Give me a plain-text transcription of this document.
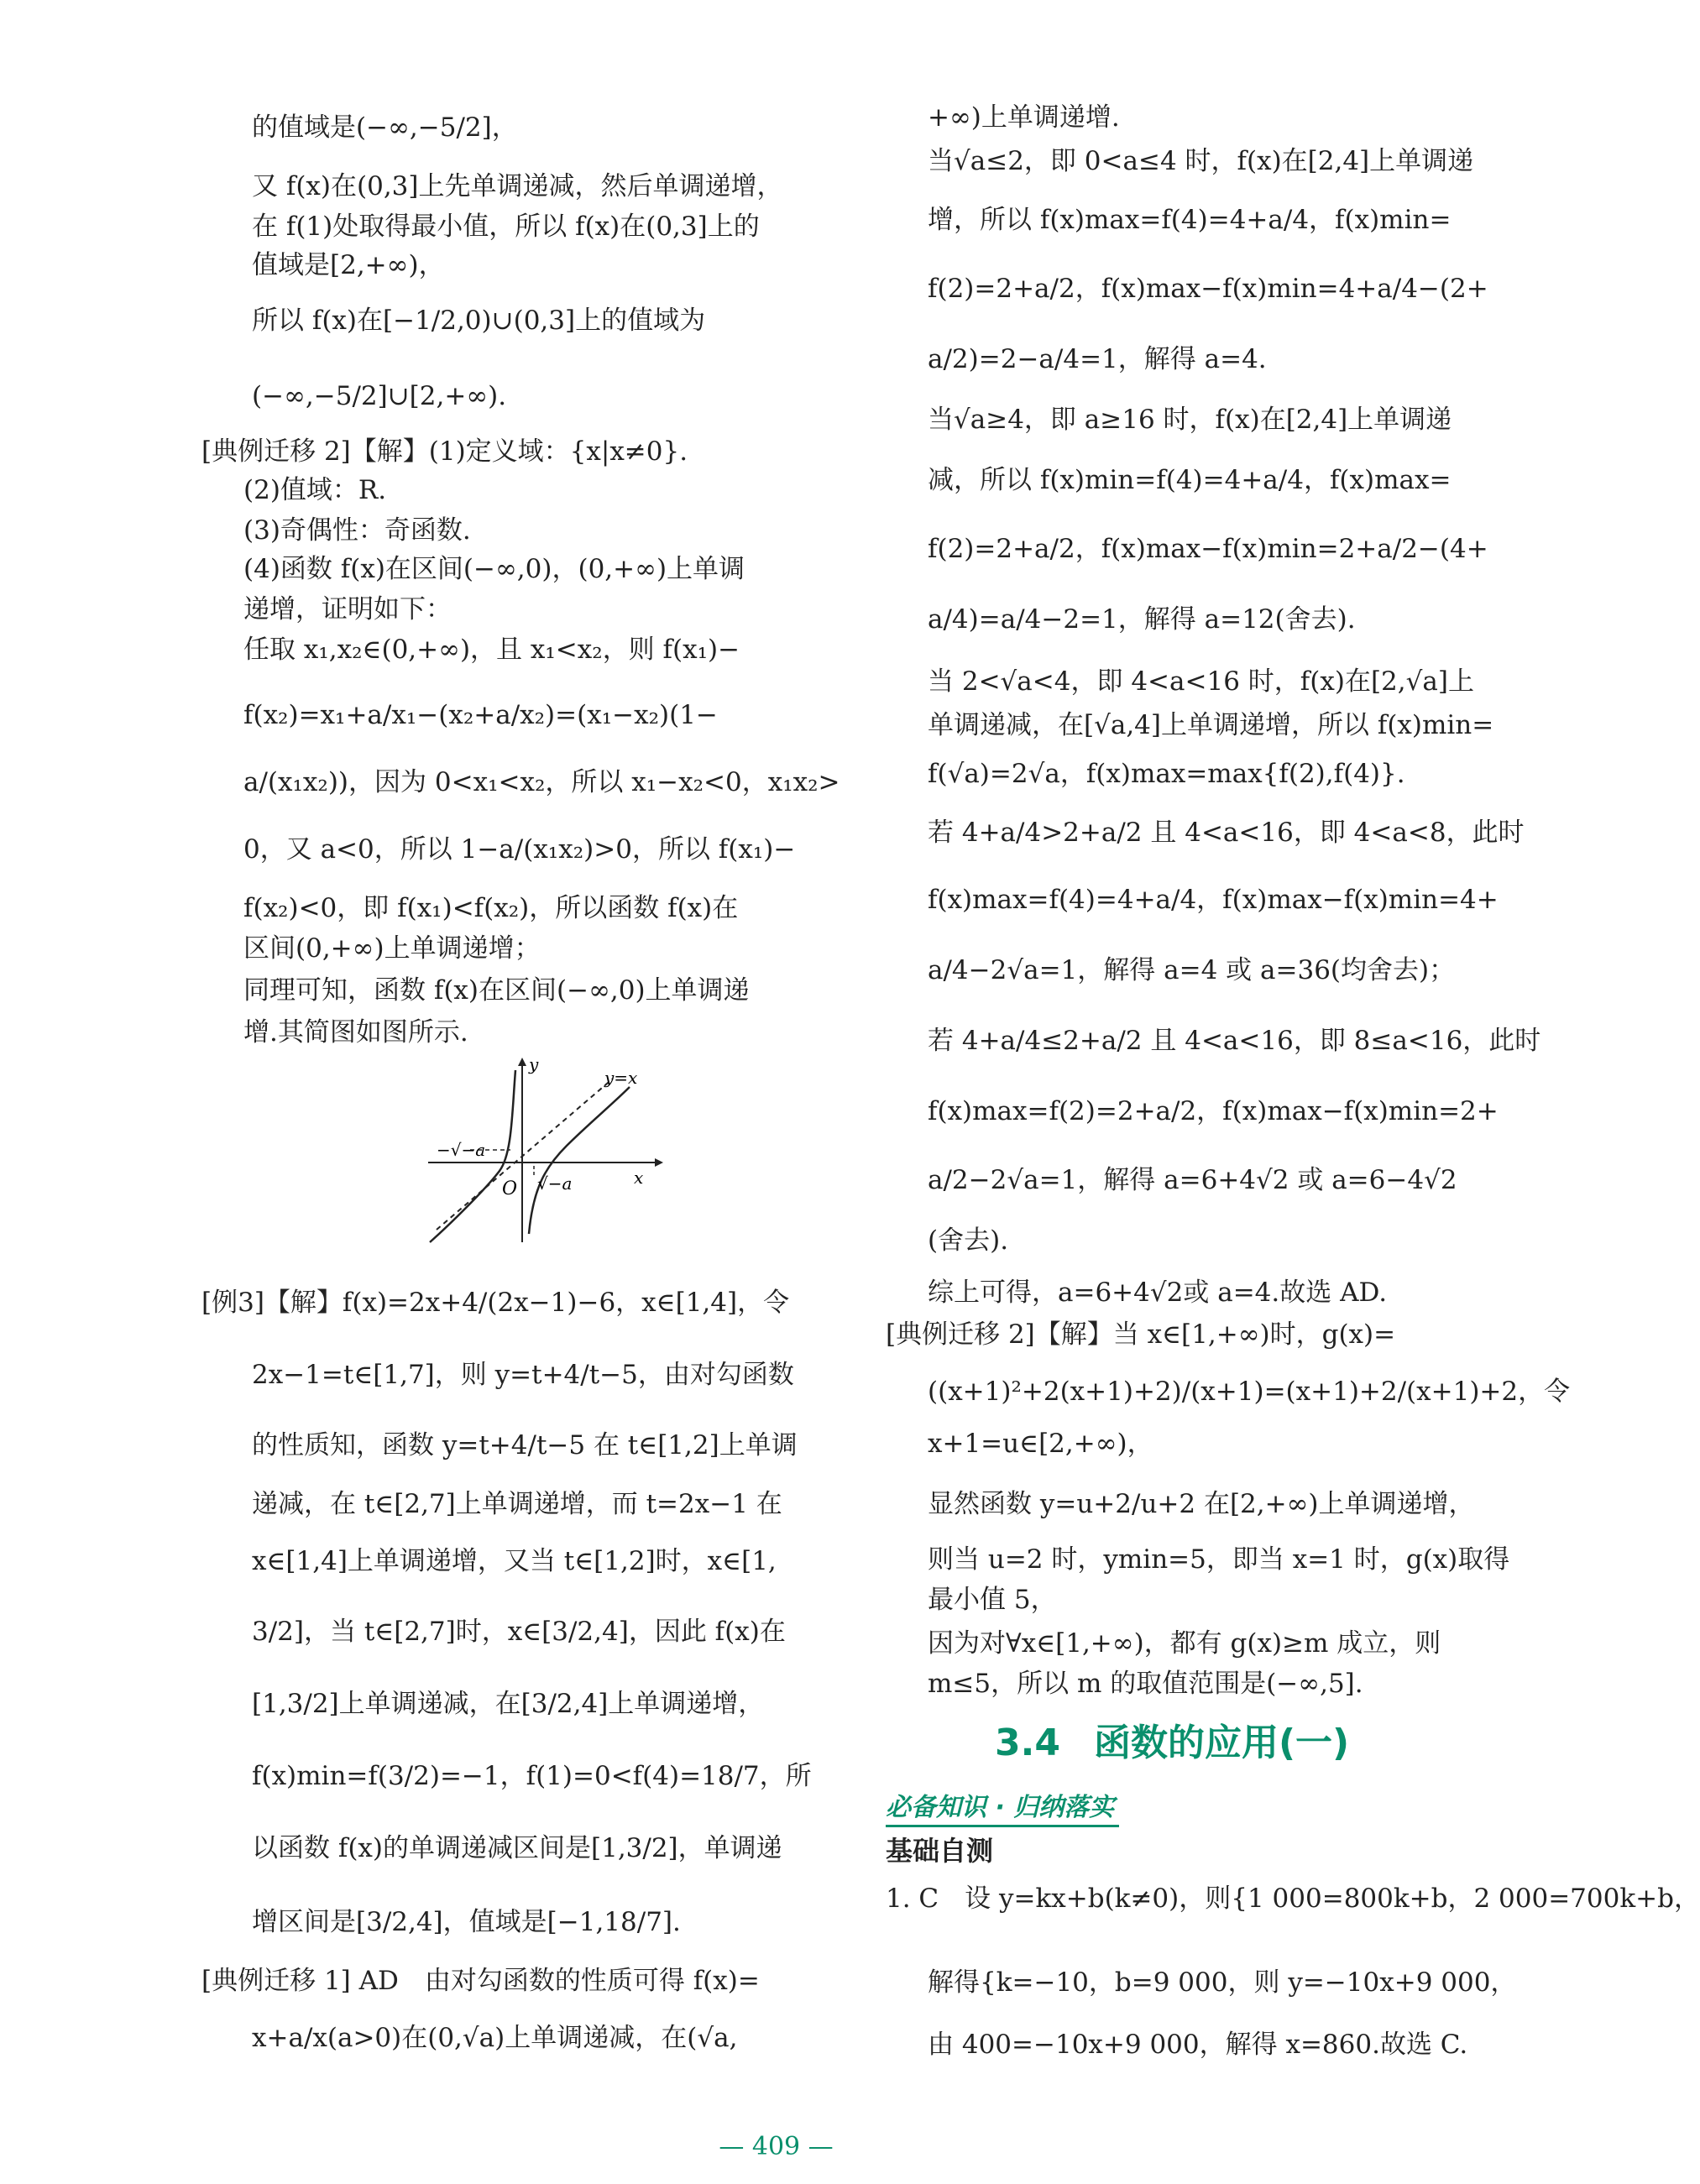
的值域是(−∞,−5/2]，
又 f(x)在(0,3]上先单调递减，然后单调递增，
在 f(1)处取得最小值，所以 f(x)在(0,3]上的
值域是[2,+∞)，
所以 f(x)在[−1/2,0)∪(0,3]上的值域为
(−∞,−5/2]∪[2,+∞).
[典例迁移 2]【解】(1)定义域：{x|x≠0}.
(2)值域：R.
(3)奇偶性：奇函数.
(4)函数 f(x)在区间(−∞,0)，(0,+∞)上单调
递增，证明如下：
任取 x₁,x₂∈(0,+∞)，且 x₁<x₂，则 f(x₁)−
f(x₂)=x₁+a/x₁−(x₂+a/x₂)=(x₁−x₂)(1−
a/(x₁x₂))，因为 0<x₁<x₂，所以 x₁−x₂<0，x₁x₂>
0，又 a<0，所以 1−a/(x₁x₂)>0，所以 f(x₁)−
f(x₂)<0，即 f(x₁)<f(x₂)，所以函数 f(x)在
区间(0,+∞)上单调递增；
同理可知，函数 f(x)在区间(−∞,0)上单调递
增.其简图如图所示.
[例3]【解】f(x)=2x+4/(2x−1)−6，x∈[1,4]，令
2x−1=t∈[1,7]，则 y=t+4/t−5，由对勾函数
的性质知，函数 y=t+4/t−5 在 t∈[1,2]上单调
递减，在 t∈[2,7]上单调递增，而 t=2x−1 在
x∈[1,4]上单调递增，又当 t∈[1,2]时，x∈[1,
3/2]，当 t∈[2,7]时，x∈[3/2,4]，因此 f(x)在
[1,3/2]上单调递减，在[3/2,4]上单调递增，
f(x)min=f(3/2)=−1，f(1)=0<f(4)=18/7，所
以函数 f(x)的单调递减区间是[1,3/2]，单调递
增区间是[3/2,4]，值域是[−1,18/7].
[典例迁移 1] AD　由对勾函数的性质可得 f(x)=
x+a/x(a>0)在(0,√a)上单调递减，在(√a,
+∞)上单调递增.
当√a≤2，即 0<a≤4 时，f(x)在[2,4]上单调递
增，所以 f(x)max=f(4)=4+a/4，f(x)min=
f(2)=2+a/2，f(x)max−f(x)min=4+a/4−(2+
a/2)=2−a/4=1，解得 a=4.
当√a≥4，即 a≥16 时，f(x)在[2,4]上单调递
减，所以 f(x)min=f(4)=4+a/4，f(x)max=
f(2)=2+a/2，f(x)max−f(x)min=2+a/2−(4+
a/4)=a/4−2=1，解得 a=12(舍去).
当 2<√a<4，即 4<a<16 时，f(x)在[2,√a]上
单调递减，在[√a,4]上单调递增，所以 f(x)min=
f(√a)=2√a，f(x)max=max{f(2),f(4)}.
若 4+a/4>2+a/2 且 4<a<16，即 4<a<8，此时
f(x)max=f(4)=4+a/4，f(x)max−f(x)min=4+
a/4−2√a=1，解得 a=4 或 a=36(均舍去)；
若 4+a/4≤2+a/2 且 4<a<16，即 8≤a<16，此时
f(x)max=f(2)=2+a/2，f(x)max−f(x)min=2+
a/2−2√a=1，解得 a=6+4√2 或 a=6−4√2
(舍去).
综上可得，a=6+4√2或 a=4.故选 AD.
[典例迁移 2]【解】当 x∈[1,+∞)时，g(x)=
((x+1)²+2(x+1)+2)/(x+1)=(x+1)+2/(x+1)+2，令
x+1=u∈[2,+∞)，
显然函数 y=u+2/u+2 在[2,+∞)上单调递增，
则当 u=2 时，ymin=5，即当 x=1 时，g(x)取得
最小值 5，
因为对∀x∈[1,+∞)，都有 g(x)≥m 成立，则
m≤5，所以 m 的取值范围是(−∞,5].
1. C　设 y=kx+b(k≠0)，则{1 000=800k+b，2 000=700k+b，
解得{k=−10，b=9 000，则 y=−10x+9 000，
由 400=−10x+9 000，解得 x=860.故选 C.
y
y=x
−√−a
O √−a	x
3.4 函数的应用(一)
必备知识 · 归纳落实
基础自测
— 409 —
